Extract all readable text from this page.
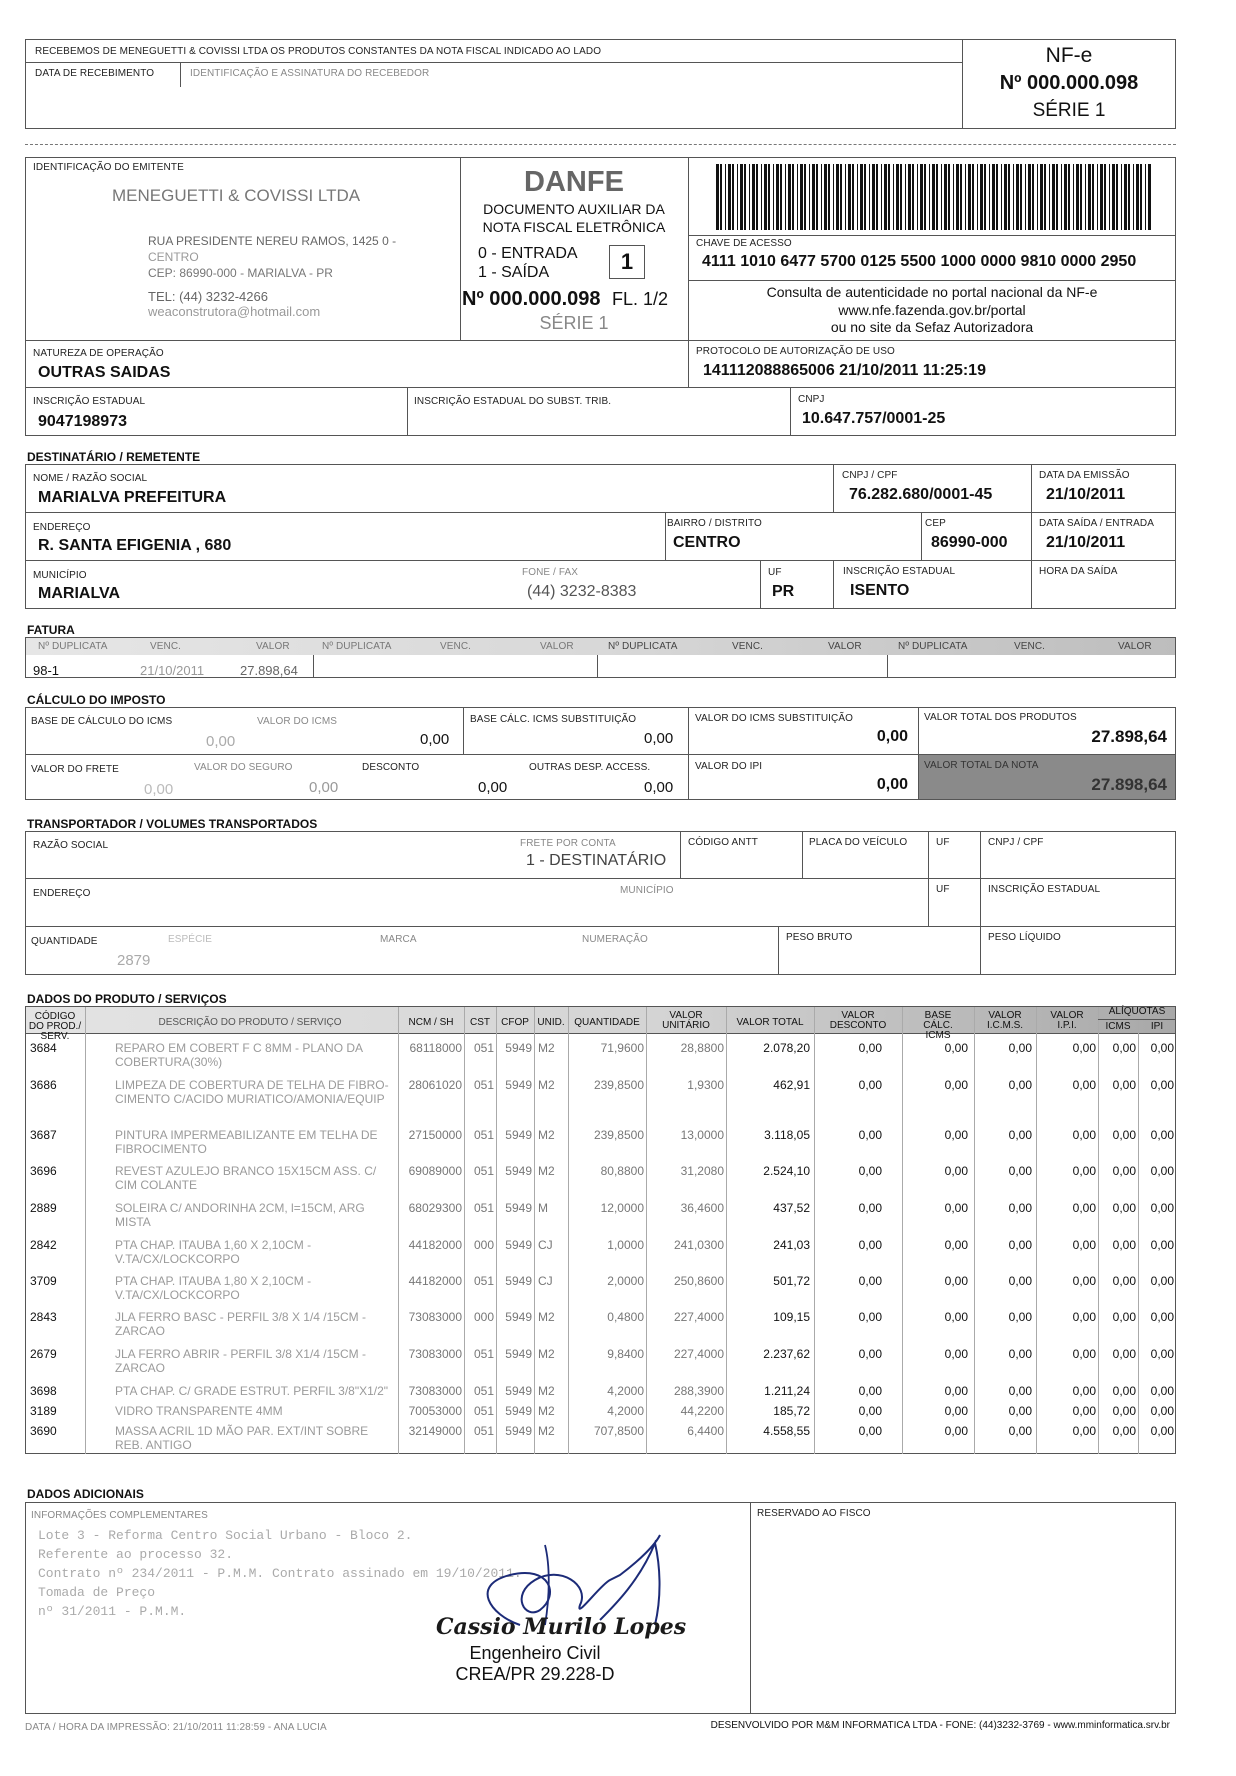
RECEBEMOS DE MENEGUETTI & COVISSI LTDA OS PRODUTOS CONSTANTES DA NOTA FISCAL INDICADO AO LADO
DATA DE RECEBIMENTO	IDENTIFICAÇÃO E ASSINATURA DO RECEBEDOR
NF-e
Nº 000.000.098
SÉRIE 1
IDENTIFICAÇÃO DO EMITENTE
MENEGUETTI & COVISSI LTDA
RUA PRESIDENTE NEREU RAMOS, 1425 0 -
CENTRO
CEP: 86990-000 - MARIALVA - PR
TEL: (44) 3232-4266
weaconstrutora@hotmail.com
DANFE
DOCUMENTO AUXILIAR DA
NOTA FISCAL ELETRÔNICA
0 - ENTRADA
1 - SAÍDA	1
Nº 000.000.098 FL. 1/2
SÉRIE 1
CHAVE DE ACESSO
4111 1010 6477 5700 0125 5500 1000 0000 9810 0000 2950
Consulta de autenticidade no portal nacional da NF-e
www.nfe.fazenda.gov.br/portal
ou no site da Sefaz Autorizadora
NATUREZA DE OPERAÇÃO
OUTRAS SAIDAS
PROTOCOLO DE AUTORIZAÇÃO DE USO
141112088865006 21/10/2011 11:25:19
INSCRIÇÃO ESTADUAL
9047198973
INSCRIÇÃO ESTADUAL DO SUBST. TRIB.	CNPJ
10.647.757/0001-25
DESTINATÁRIO / REMETENTE
NOME / RAZÃO SOCIAL
MARIALVA PREFEITURA
CNPJ / CPF
76.282.680/0001-45
DATA DA EMISSÃO
21/10/2011
ENDEREÇO
R. SANTA EFIGENIA , 680
BAIRRO / DISTRITO
CENTRO
CEP
86990-000
DATA SAÍDA / ENTRADA
21/10/2011
MUNICÍPIO
MARIALVA
FONE / FAX
(44) 3232-8383
UF
PR
INSCRIÇÃO ESTADUAL
ISENTO
HORA DA SAÍDA
FATURA
Nº DUPLICATA	VENC.	VALOR	Nº DUPLICATA	VENC.	VALOR	Nº DUPLICATA	VENC.	VALOR	Nº DUPLICATA	VENC.	VALOR
98-1	21/10/2011	27.898,64
CÁLCULO DO IMPOSTO
BASE DE CÁLCULO DO ICMS
0,00
VALOR DO ICMS
0,00
BASE CÁLC. ICMS SUBSTITUIÇÃO
0,00
VALOR DO ICMS SUBSTITUIÇÃO
0,00
VALOR TOTAL DOS PRODUTOS
27.898,64
VALOR DO FRETE
0,00
VALOR DO SEGURO
0,00
DESCONTO
0,00
OUTRAS DESP. ACCESS.
0,00
VALOR DO IPI
0,00
VALOR TOTAL DA NOTA
27.898,64
TRANSPORTADOR / VOLUMES TRANSPORTADOS
RAZÃO SOCIAL	FRETE POR CONTA
1 - DESTINATÁRIO
CÓDIGO ANTT	PLACA DO VEÍCULO	UF	CNPJ / CPF
ENDEREÇO	MUNICÍPIO	UF	INSCRIÇÃO ESTADUAL
QUANTIDADE
2879
ESPÉCIE	MARCA	NUMERAÇÃO	PESO BRUTO	PESO LÍQUIDO
DADOS DO PRODUTO / SERVIÇOS
CÓDIGO DO PROD./ SERV.
DESCRIÇÃO DO PRODUTO / SERVIÇO	NCM / SH	CST	CFOP UNID. QUANTIDADE
VALOR UNITÁRIO	VALOR TOTAL
VALOR DESCONTO
BASE CÁLC. ICMS
VALOR I.C.M.S.
VALOR I.P.I.
ALÍQUOTAS
ICMS	IPI
3684	REPARO EM COBERT F C 8MM - PLANO DA COBERTURA(30%)
68118000 051 5949 M2	71,9600	28,8800	2.078,20	0,00	0,00	0,00	0,00	0,00	0,00
3686	LIMPEZA DE COBERTURA DE TELHA DE FIBRO-CIMENTO C/ACIDO MURIATICO/AMONIA/EQUIP
28061020 051 5949 M2	239,8500	1,9300	462,91	0,00	0,00	0,00	0,00	0,00	0,00
3687	PINTURA IMPERMEABILIZANTE EM TELHA DE FIBROCIMENTO
27150000 051 5949 M2	239,8500	13,0000	3.118,05	0,00	0,00	0,00	0,00	0,00	0,00
3696	REVEST AZULEJO BRANCO 15X15CM ASS. C/ CIM COLANTE
69089000 051 5949 M2	80,8800	31,2080	2.524,10	0,00	0,00	0,00	0,00	0,00	0,00
2889	SOLEIRA C/ ANDORINHA 2CM, l=15CM, ARG MISTA
68029300 051 5949 M	12,0000	36,4600	437,52	0,00	0,00	0,00	0,00	0,00	0,00
2842	PTA CHAP. ITAUBA 1,60 X 2,10CM - V.TA/CX/LOCKCORPO
44182000 000 5949 CJ	1,0000	241,0300	241,03	0,00	0,00	0,00	0,00	0,00	0,00
3709	PTA CHAP. ITAUBA 1,80 X 2,10CM - V.TA/CX/LOCKCORPO
44182000 051 5949 CJ	2,0000	250,8600	501,72	0,00	0,00	0,00	0,00	0,00	0,00
2843	JLA FERRO BASC - PERFIL 3/8 X 1/4 /15CM - ZARCAO
73083000 000 5949 M2	0,4800	227,4000	109,15	0,00	0,00	0,00	0,00	0,00	0,00
2679	JLA FERRO ABRIR - PERFIL 3/8 X1/4 /15CM - ZARCAO
73083000 051 5949 M2	9,8400	227,4000	2.237,62	0,00	0,00	0,00	0,00	0,00	0,00
3698	PTA CHAP. C/ GRADE ESTRUT. PERFIL 3/8"X1/2"	73083000 051 5949 M2	4,2000	288,3900	1.211,24	0,00	0,00	0,00	0,00	0,00	0,00
3189	VIDRO TRANSPARENTE 4MM	70053000 051 5949 M2	4,2000	44,2200	185,72	0,00	0,00	0,00	0,00	0,00	0,00
3690	MASSA ACRIL 1D MÃO PAR. EXT/INT SOBRE REB. ANTIGO
32149000 051 5949 M2	707,8500	6,4400	4.558,55	0,00	0,00	0,00	0,00	0,00	0,00
DADOS ADICIONAIS
INFORMAÇÕES COMPLEMENTARES	RESERVADO AO FISCO
Lote 3 - Reforma Centro Social Urbano - Bloco 2.
Referente ao processo 32.
Contrato nº 234/2011 - P.M.M. Contrato assinado em 19/10/2011.
Tomada de Preço
nº 31/2011 - P.M.M.
Cassio Murilo Lopes
Engenheiro Civil
CREA/PR 29.228-D
DATA / HORA DA IMPRESSÃO: 21/10/2011 11:28:59 - ANA LUCIA	DESENVOLVIDO POR M&M INFORMATICA LTDA - FONE: (44)3232-3769 - www.mminformatica.srv.br
